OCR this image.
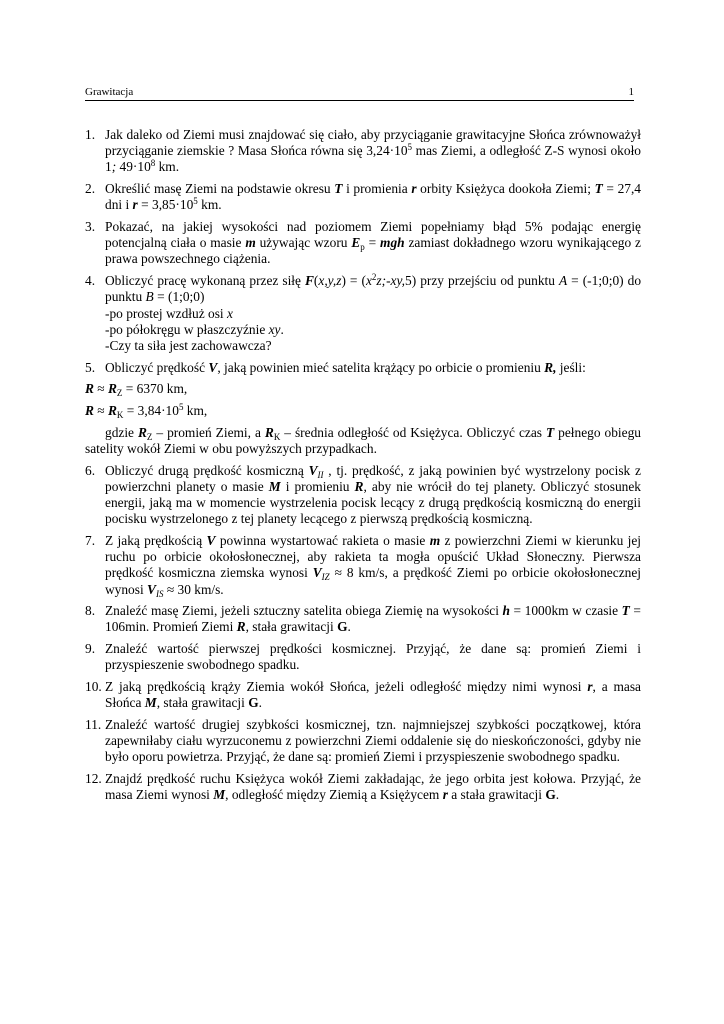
Grawitacja	1
1. Jak daleko od Ziemi musi znajdować się ciało, aby przyciąganie grawitacyjne Słońca zrównoważył przyciąganie ziemskie ? Masa Słońca równa się $3,24\cdot 10^5$ mas Ziemi, a odległość Z-S wynosi około 1; $49\cdot 10^8$ km.
2. Określić masę Ziemi na podstawie okresu T i promienia r orbity Księżyca dookoła Ziemi; T = 27,4 dni i $r = 3,85\cdot 10^5$ km.
3. Pokazać, na jakiej wysokości nad poziomem Ziemi popełniamy błąd 5% podając energię potencjalną ciała o masie m używając wzoru $E_p$ = mgh zamiast dokładnego wzoru wynikającego z prawa powszechnego ciążenia.
4. Obliczyć pracę wykonaną przez siłę $F(x,y,z) = (x^2z;-xy,5)$ przy przejściu od punktu A = (-1;0;0) do punktu B = (1;0;0)
-po prostej wzdłuż osi x
-po półokręgu w płaszczyźnie xy.
-Czy ta siła jest zachowawcza?
5. Obliczyć prędkość V, jaką powinien mieć satelita krążący po orbicie o promieniu R, jeśli:
$R \approx R_Z = 6370$ km,
$R \approx R_K = 3,84\cdot 10^5$ km,
gdzie $R_Z$ – promień Ziemi, a $R_K$ – średnia odległość od Księżyca. Obliczyć czas T pełnego obiegu satelity wokół Ziemi w obu powyższych przypadkach.
6. Obliczyć drugą prędkość kosmiczną $V_{II}$ , tj. prędkość, z jaką powinien być wystrzelony pocisk z powierzchni planety o masie M i promieniu R, aby nie wrócił do tej planety. Obliczyć stosunek energii, jaką ma w momencie wystrzelenia pocisk lecący z drugą prędkością kosmiczną do energii pocisku wystrzelonego z tej planety lecącego z pierwszą prędkością kosmiczną.
7. Z jaką prędkością V powinna wystartować rakieta o masie m z powierzchni Ziemi w kierunku jej ruchu po orbicie okołosłonecznej, aby rakieta ta mogła opuścić Układ Słoneczny. Pierwsza prędkość kosmiczna ziemska wynosi $V_{IZ} \approx 8$ km/s, a prędkość Ziemi po orbicie okołosłonecznej wynosi $V_{IS} \approx 30$ km/s.
8. Znaleźć masę Ziemi, jeżeli sztuczny satelita obiega Ziemię na wysokości h = 1000km w czasie T = 106min. Promień Ziemi R, stała grawitacji G.
9. Znaleźć wartość pierwszej prędkości kosmicznej. Przyjąć, że dane są: promień Ziemi i przyspieszenie swobodnego spadku.
10. Z jaką prędkością krąży Ziemia wokół Słońca, jeżeli odległość między nimi wynosi r, a masa Słońca M, stała grawitacji G.
11. Znaleźć wartość drugiej szybkości kosmicznej, tzn. najmniejszej szybkości początkowej, która zapewniłaby ciału wyrzuconemu z powierzchni Ziemi oddalenie się do nieskończoności, gdyby nie było oporu powietrza. Przyjąć, że dane są: promień Ziemi i przyspieszenie swobodnego spadku.
12. Znajdź prędkość ruchu Księżyca wokół Ziemi zakładając, że jego orbita jest kołowa. Przyjąć, że masa Ziemi wynosi M, odległość między Ziemią a Księżycem r a stała grawitacji G.
